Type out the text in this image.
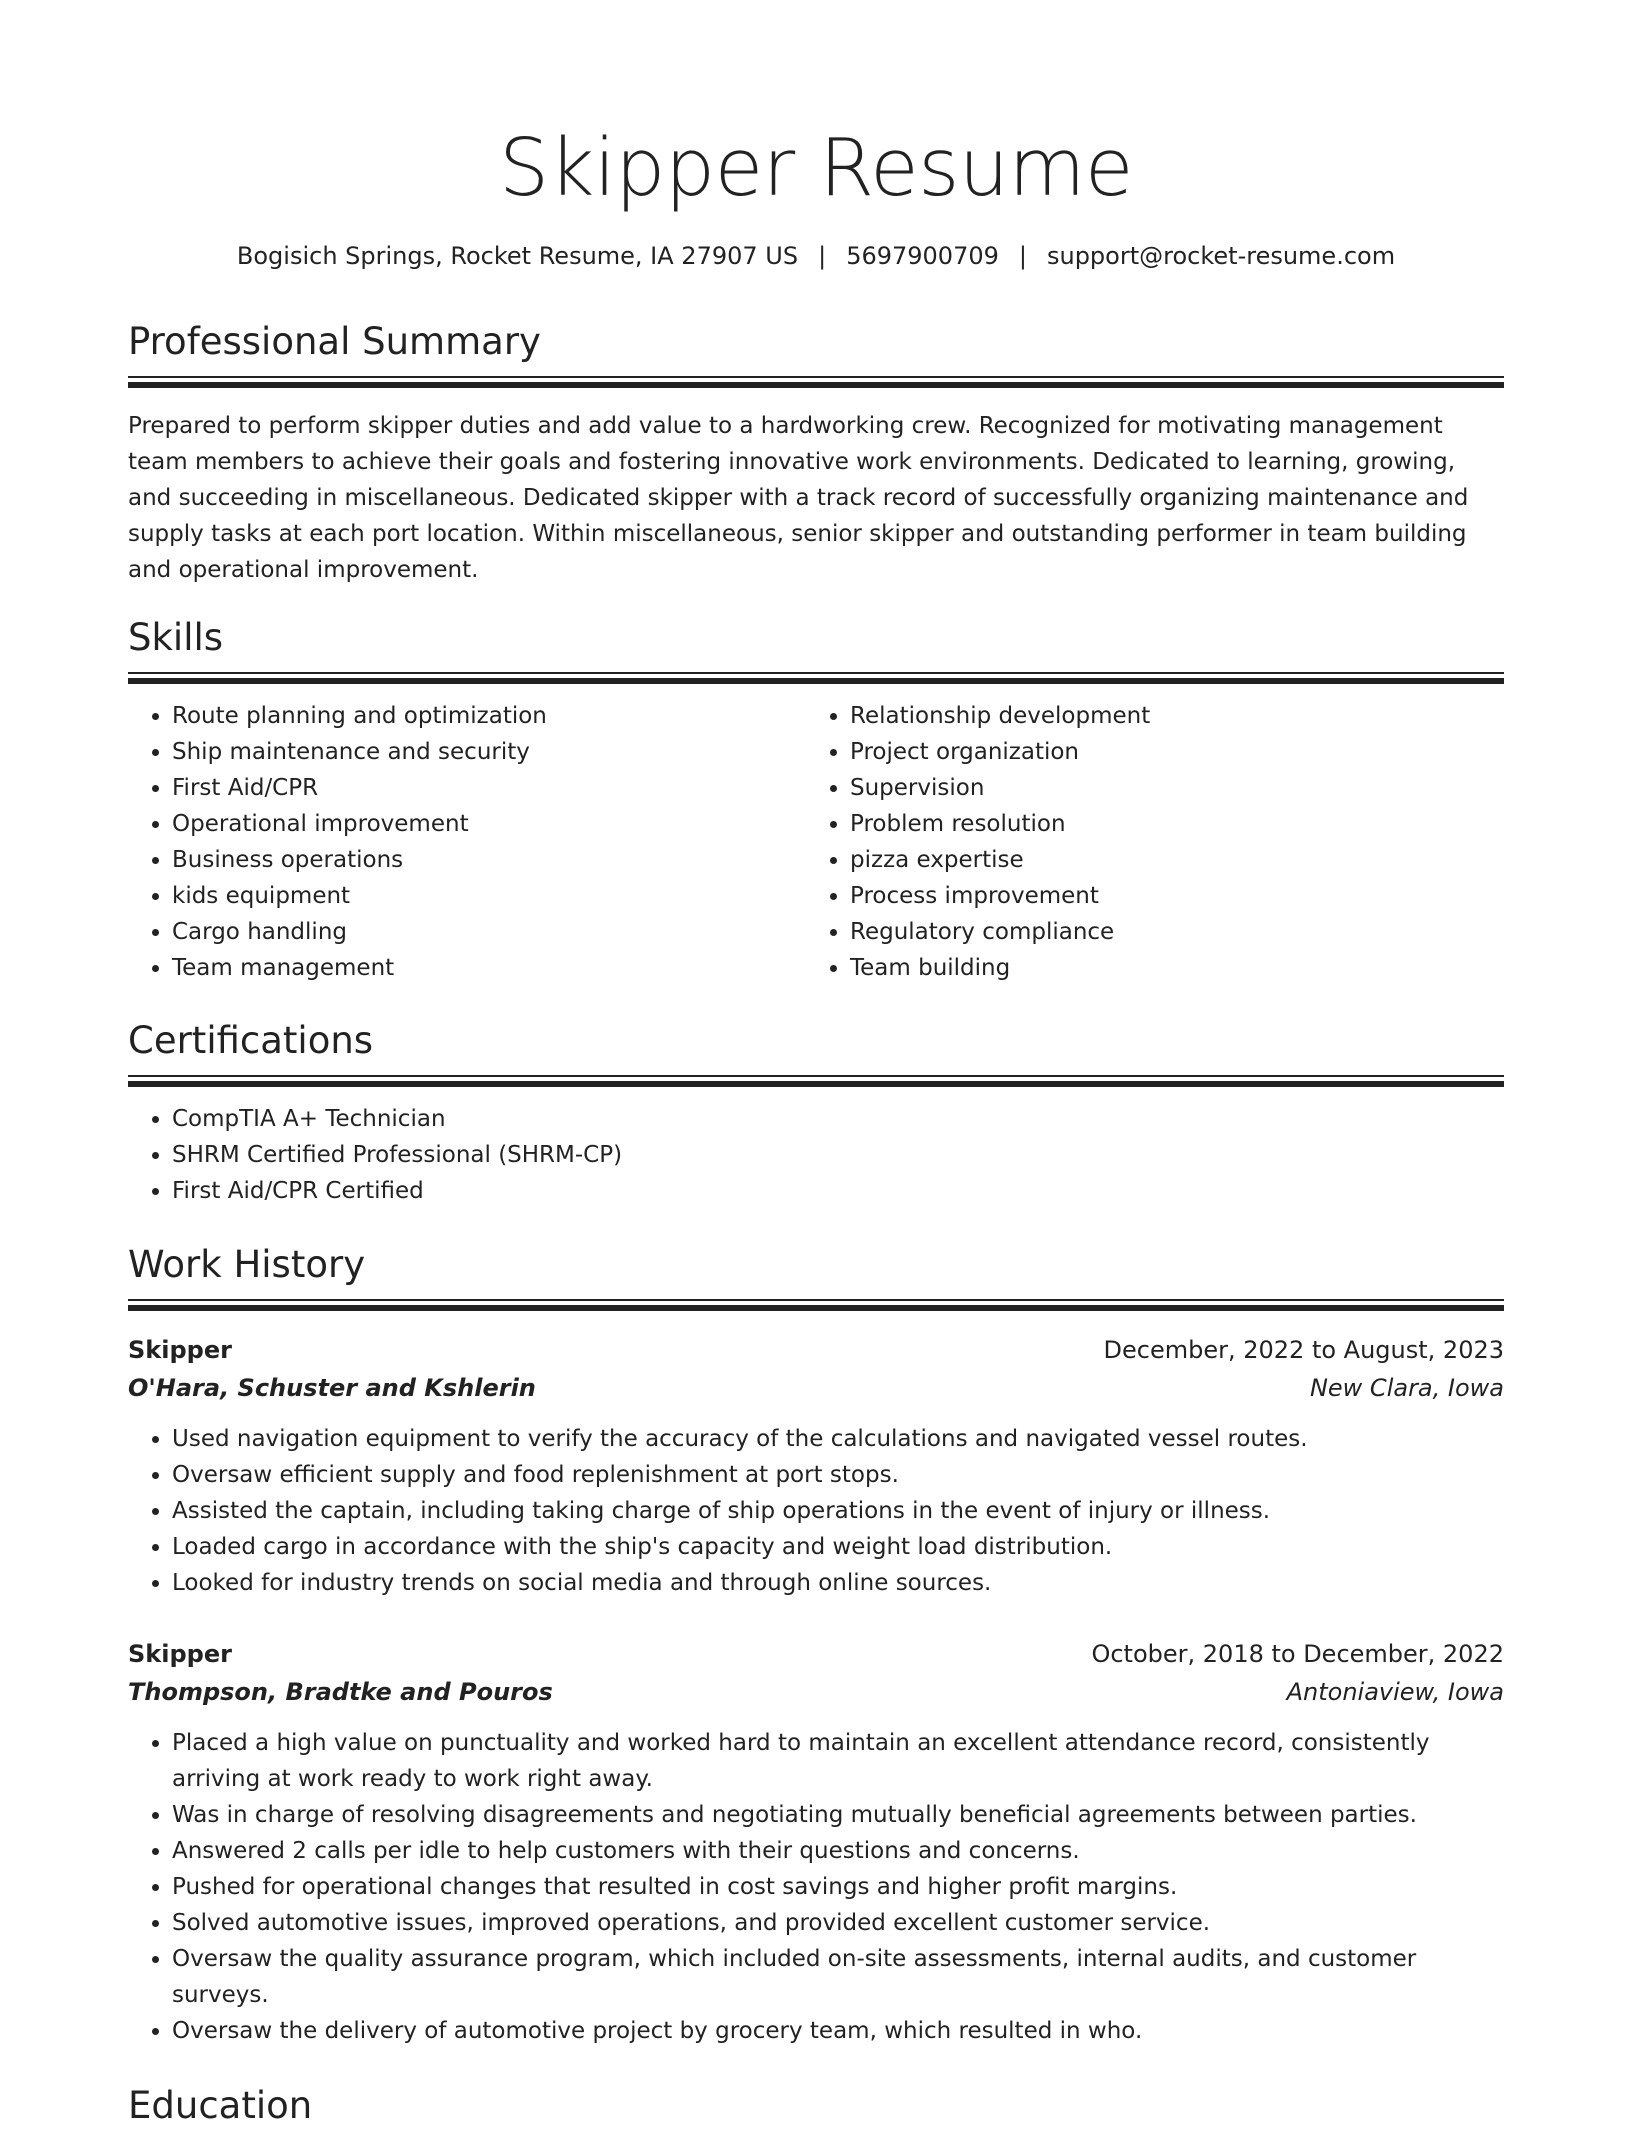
Skipper Resume
Bogisich Springs, Rocket Resume, IA 27907 US | 5697900709 | support@rocket-resume.com
Professional Summary

Prepared to perform skipper duties and add value to a hardworking crew. Recognized for motivating management team members to achieve their goals and fostering innovative work environments. Dedicated to learning, growing, and succeeding in miscellaneous. Dedicated skipper with a track record of successfully organizing maintenance and supply tasks at each port location. Within miscellaneous, senior skipper and outstanding performer in team building and operational improvement.

Skills
• Route planning and optimization
• Ship maintenance and security
• First Aid/CPR
• Operational improvement
• Business operations
• kids equipment
• Cargo handling
• Team management
• Relationship development
• Project organization
• Supervision
• Problem resolution
• pizza expertise
• Process improvement
• Regulatory compliance
• Team building
Certifications
• CompTIA A+ Technician
• SHRM Certified Professional (SHRM-CP)
• First Aid/CPR Certified
Work History
Skipper	December, 2022 to August, 2023
O'Hara, Schuster and Kshlerin	New Clara, Iowa
• Used navigation equipment to verify the accuracy of the calculations and navigated vessel routes.
• Oversaw efficient supply and food replenishment at port stops.
• Assisted the captain, including taking charge of ship operations in the event of injury or illness.
• Loaded cargo in accordance with the ship's capacity and weight load distribution.
• Looked for industry trends on social media and through online sources.
Skipper	October, 2018 to December, 2022
Thompson, Bradtke and Pouros	Antoniaview, Iowa
• Placed a high value on punctuality and worked hard to maintain an excellent attendance record, consistently arriving at work ready to work right away.
• Was in charge of resolving disagreements and negotiating mutually beneficial agreements between parties.
• Answered 2 calls per idle to help customers with their questions and concerns.
• Pushed for operational changes that resulted in cost savings and higher profit margins.
• Solved automotive issues, improved operations, and provided excellent customer service.
• Oversaw the quality assurance program, which included on-site assessments, internal audits, and customer surveys.
• Oversaw the delivery of automotive project by grocery team, which resulted in who.
Education
